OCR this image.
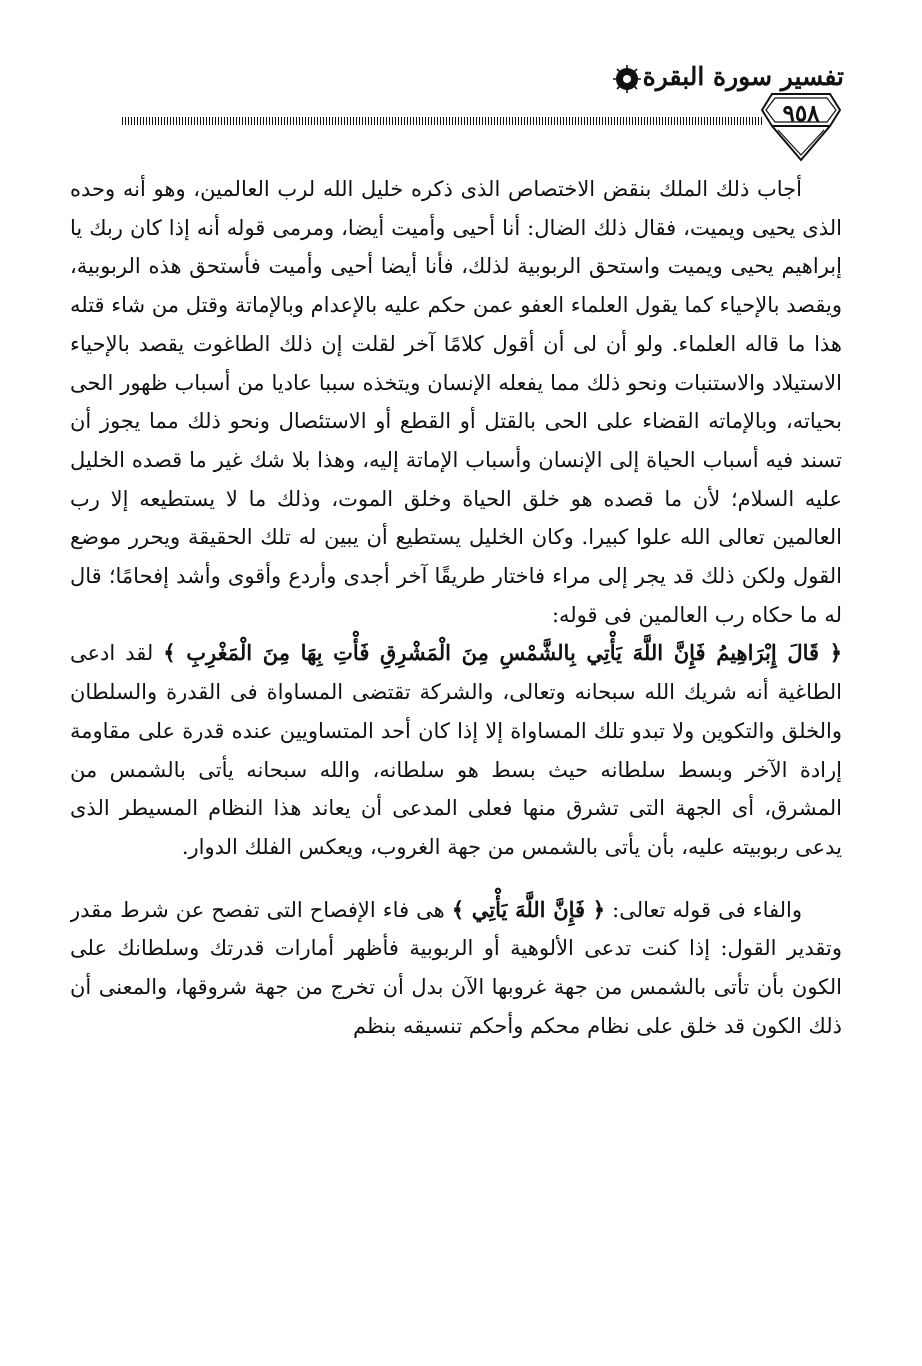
تفسير سورة البقرة
٩٥٨

أجاب ذلك الملك بنقض الاختصاص الذى ذكره خليل الله لرب العالمين، وهو أنه وحده الذى يحيى ويميت، فقال ذلك الضال: أنا أحيى وأميت أيضا، ومرمى قوله أنه إذا كان ربك يا إبراهيم يحيى ويميت واستحق الربوبية لذلك، فأنا أيضا أحيى وأميت فأستحق هذه الربوبية، ويقصد بالإحياء كما يقول العلماء العفو عمن حكم عليه بالإعدام وبالإماتة وقتل من شاء قتله هذا ما قاله العلماء. ولو أن لى أن أقول كلامًا آخر لقلت إن ذلك الطاغوت يقصد بالإحياء الاستيلاد والاستنبات ونحو ذلك مما يفعله الإنسان ويتخذه سببا عاديا من أسباب ظهور الحى بحياته، وبالإماته القضاء على الحى بالقتل أو القطع أو الاستئصال ونحو ذلك مما يجوز أن تسند فيه أسباب الحياة إلى الإنسان وأسباب الإماتة إليه، وهذا بلا شك غير ما قصده الخليل عليه السلام؛ لأن ما قصده هو خلق الحياة وخلق الموت، وذلك ما لا يستطيعه إلا رب العالمين تعالى الله علوا كبيرا. وكان الخليل يستطيع أن يبين له تلك الحقيقة ويحرر موضع القول ولكن ذلك قد يجر إلى مراء فاختار طريقًا آخر أجدى وأردع وأقوى وأشد إفحامًا؛ قال له ما حكاه رب العالمين فى قوله:

﴿ قَالَ إِبْرَاهِيمُ فَإِنَّ اللَّهَ يَأْتِي بِالشَّمْسِ مِنَ الْمَشْرِقِ فَأْتِ بِهَا مِنَ الْمَغْرِبِ ﴾ لقد ادعى الطاغية أنه شريك الله سبحانه وتعالى، والشركة تقتضى المساواة فى القدرة والسلطان والخلق والتكوين ولا تبدو تلك المساواة إلا إذا كان أحد المتساويين عنده قدرة على مقاومة إرادة الآخر وبسط سلطانه حيث بسط هو سلطانه، والله سبحانه يأتى بالشمس من المشرق، أى الجهة التى تشرق منها فعلى المدعى أن يعاند هذا النظام المسيطر الذى يدعى ربوبيته عليه، بأن يأتى بالشمس من جهة الغروب، ويعكس الفلك الدوار.

والفاء فى قوله تعالى: ﴿ فَإِنَّ اللَّهَ يَأْتِي ﴾ هى فاء الإفصاح التى تفصح عن شرط مقدر وتقدير القول: إذا كنت تدعى الألوهية أو الربوبية فأظهر أمارات قدرتك وسلطانك على الكون بأن تأتى بالشمس من جهة غروبها الآن بدل أن تخرج من جهة شروقها، والمعنى أن ذلك الكون قد خلق على نظام محكم وأحكم تنسيقه بنظم
